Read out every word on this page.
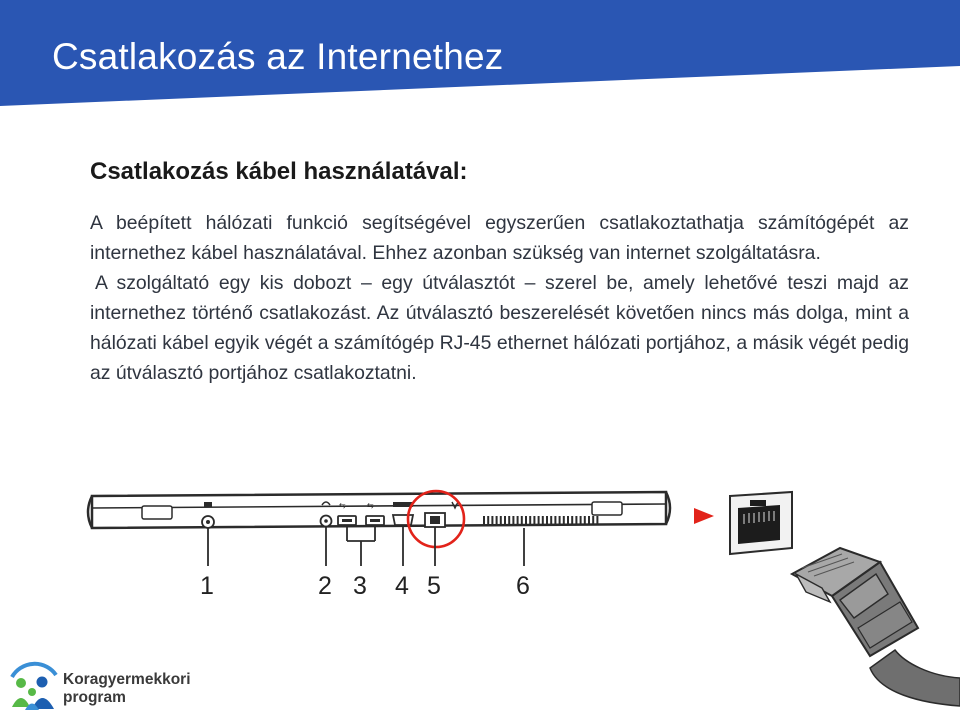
Csatlakozás az Internethez
Csatlakozás kábel használatával:

A beépített hálózati funkció segítségével egyszerűen csatlakoztathatja számítógépét az internethez kábel használatával. Ehhez azonban szükség van internet szolgáltatásra.

A szolgáltató egy kis dobozt – egy útválasztót – szerel be, amely lehetővé teszi majd az internethez történő csatlakozást. Az útválasztó beszerelését követően nincs más dolga, mint a hálózati kábel egyik végét a számítógép RJ-45 ethernet hálózati portjához, a másik végét pedig az útválasztó portjához csatlakoztatni.

⇆	⇆
1	2 3 4 5	6
Koragyermekkori
program
